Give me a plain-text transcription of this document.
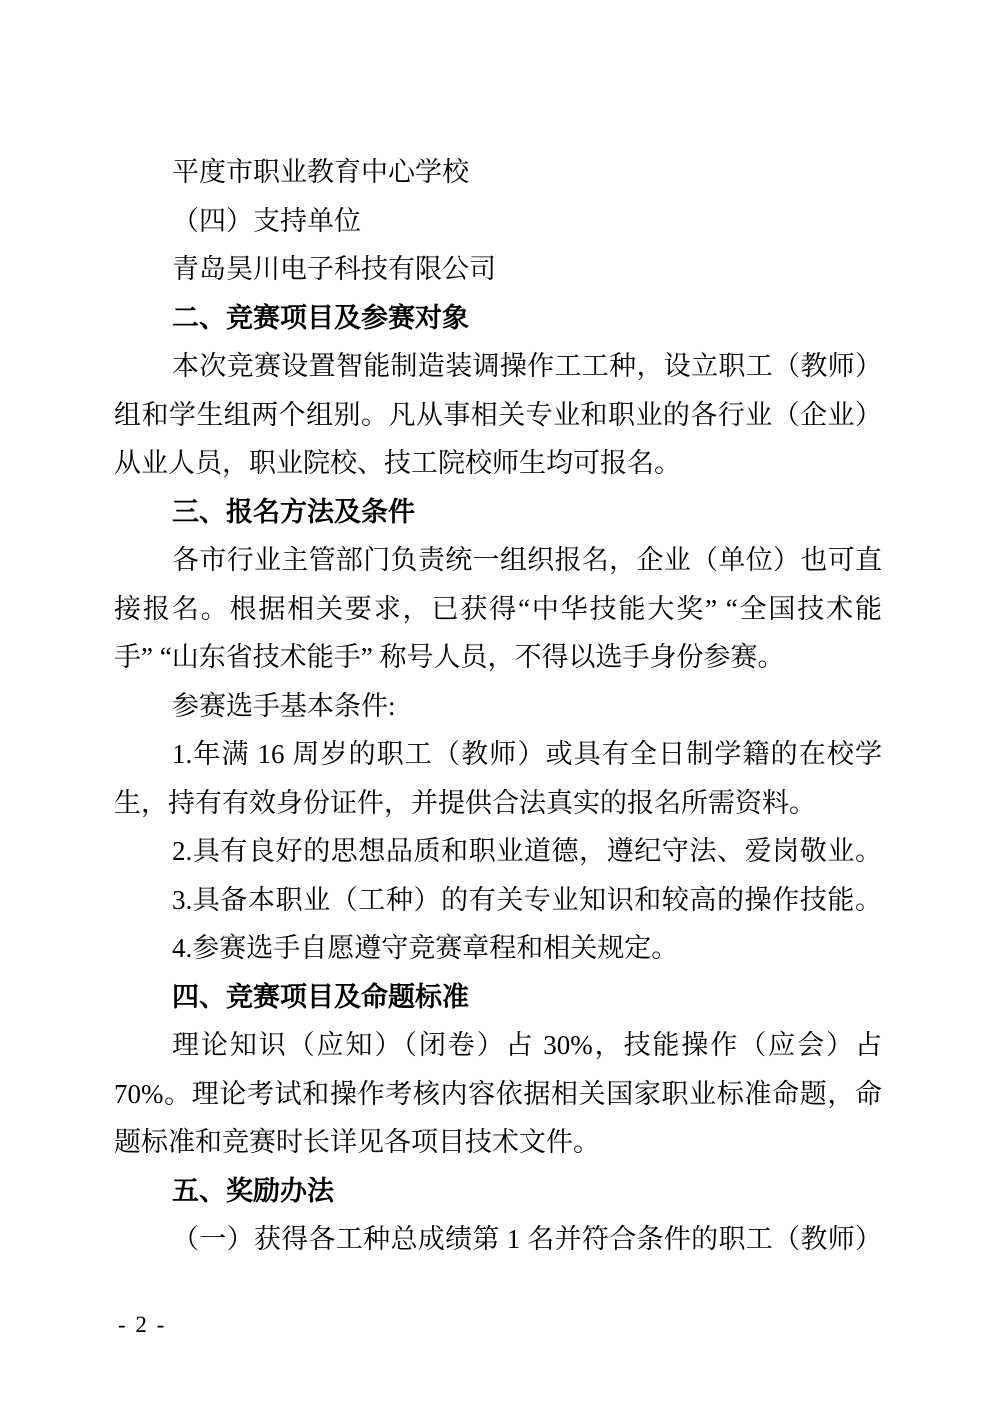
平度市职业教育中心学校
（四）支持单位
青岛昊川电子科技有限公司
二、竞赛项目及参赛对象
本次竞赛设置智能制造装调操作工工种，设立职工（教师）
组和学生组两个组别。凡从事相关专业和职业的各行业（企业）
从业人员，职业院校、技工院校师生均可报名。
三、报名方法及条件
各市行业主管部门负责统一组织报名，企业（单位）也可直
接报名。根据相关要求，已获得“中华技能大奖” “全国技术能
手” “山东省技术能手” 称号人员，不得以选手身份参赛。
参赛选手基本条件:
1.年满 16 周岁的职工（教师）或具有全日制学籍的在校学
生，持有有效身份证件，并提供合法真实的报名所需资料。
2.具有良好的思想品质和职业道德，遵纪守法、爱岗敬业。
3.具备本职业（工种）的有关专业知识和较高的操作技能。
4.参赛选手自愿遵守竞赛章程和相关规定。
四、竞赛项目及命题标准
理论知识（应知）（闭卷）占 30%，技能操作（应会）占
70%。理论考试和操作考核内容依据相关国家职业标准命题，命
题标准和竞赛时长详见各项目技术文件。
五、奖励办法
（一）获得各工种总成绩第 1 名并符合条件的职工（教师）
- 2 -
